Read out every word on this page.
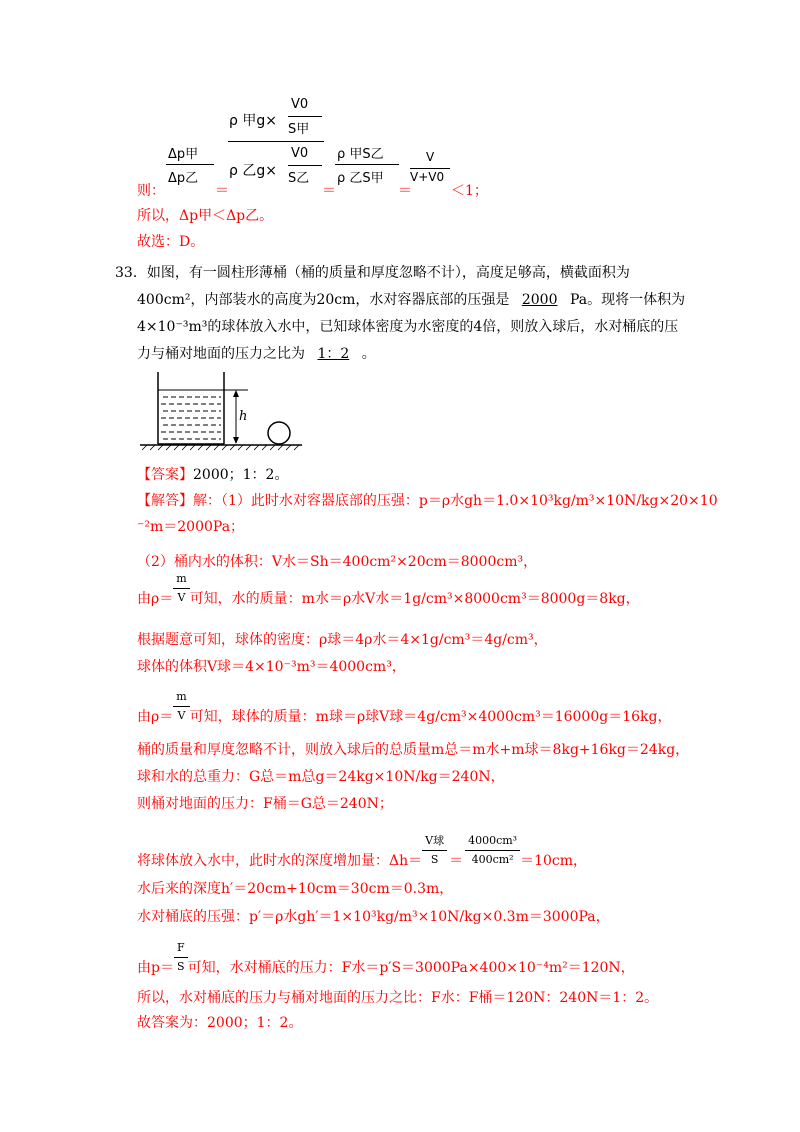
ρ 甲g×
V0
S甲
ρ 乙g×
V0
S乙
Δp甲
Δp乙
ρ 甲S乙
ρ 乙S甲
V
V+V0
则：	＝	＝	＝	＜1；
所以，Δp甲＜Δp乙。
故选：D。
33．如图，有一圆柱形薄桶（桶的质量和厚度忽略不计），高度足够高，横截面积为
400cm²，内部装水的高度为20cm，水对容器底部的压强是 2000 Pa。现将一体积为
4×10⁻³m³的球体放入水中，已知球体密度为水密度的4倍，则放入球后，水对桶底的压
力与桶对地面的压力之比为 1：2 。
h
【答案】2000；1：2。
【解答】解：（1）此时水对容器底部的压强：p＝ρ水gh＝1.0×10³kg/m³×10N/kg×20×10
⁻²m＝2000Pa；
（2）桶内水的体积：V水＝Sh＝400cm²×20cm＝8000cm³，
由$\rho= \frac{m}{V}$ 可知，水的质量：m水＝ρ水V水＝1g/cm³×8000cm³＝8000g＝8kg，
根据题意可知，球体的密度：ρ球＝4ρ水＝4×1g/cm³＝4g/cm³，
球体的体积V球＝4×10⁻³m³＝4000cm³，
由$\rho= \frac{m}{V}$ 可知，球体的质量：m球＝ρ球V球＝4g/cm³×4000cm³＝16000g＝16kg，
桶的质量和厚度忽略不计，则放入球后的总质量m总＝m水+m球＝8kg+16kg＝24kg，
球和水的总重力：G总＝m总g＝24kg×10N/kg＝240N，
则桶对地面的压力：F桶＝G总＝240N；
将球体放入水中，此时水的深度增加量：$\Delta h= \frac{\text{V球}}{S} = \frac{\text{4000cm³}}{\text{400cm²}} =10cm$，
水后来的深度h′＝20cm+10cm＝30cm＝0.3m，
水对桶底的压强：p′＝ρ水gh′＝1×10³kg/m³×10N/kg×0.3m＝3000Pa，
由$p= \frac{F}{S}$ 可知，水对桶底的压力：F水＝p′S＝3000Pa×400×10⁻⁴m²＝120N，
所以，水对桶底的压力与桶对地面的压力之比：F水：F桶＝120N：240N＝1：2。
故答案为：2000；1：2。
